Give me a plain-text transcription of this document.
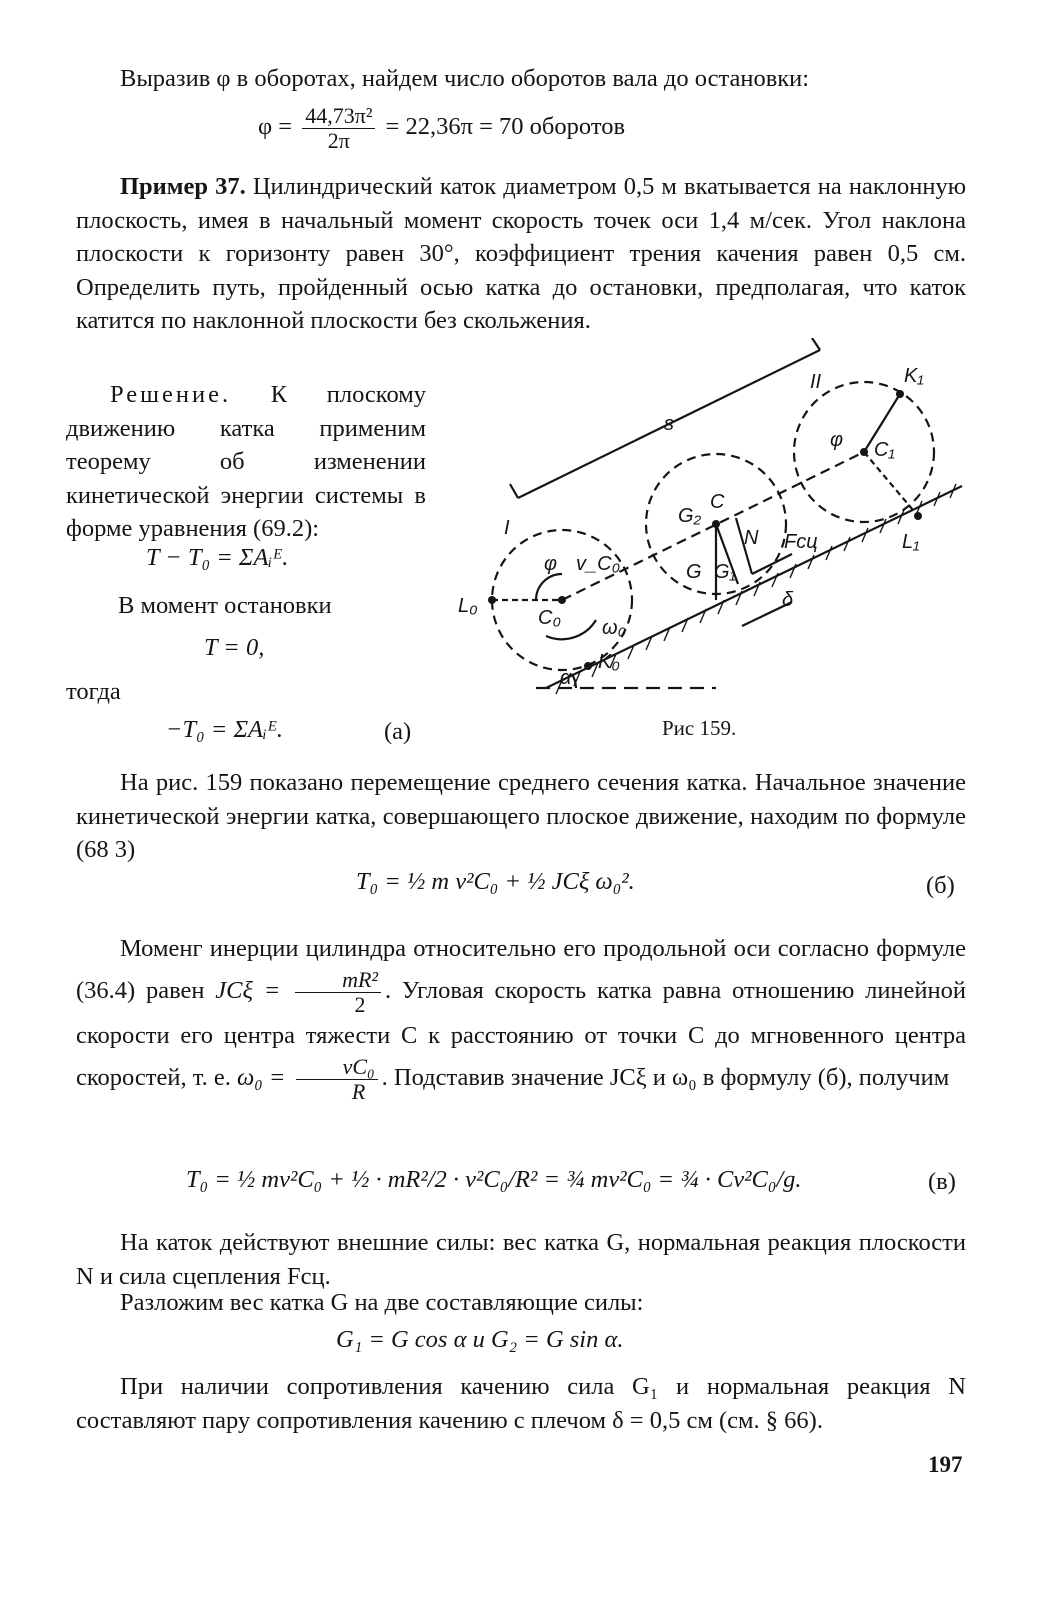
Выразив φ в оборотах, найдем число оборотов вала до остановки:

$\varphi = \frac{\text{44,73π²}}{2\pi} = 22,36\pi = 70$ оборотов

Пример 37. Цилиндрический каток диаметром 0,5 м вкатывается на наклонную плоскость, имея в начальный момент скорость точек оси 1,4 м/сек. Угол наклона плоскости к горизонту равен 30°, коэффициент трения качения равен 0,5 см. Определить путь, пройденный осью катка до остановки, предполагая, что каток катится по наклонной плоскости без скольжения.

Решение. К плоскому движению катка применим теорему об изменении кинетической энергии системы в форме уравнения (69.2):

T − T₀ = ΣAᵢᴱ.

В момент остановки

T = 0,

тогда

−T₀ = ΣAᵢᴱ.	(a)
s
I
II	K₁
C₁
φ
L₁
G₂
C
N Fсц
G G₁
δ
L₀
φ v_C₀
C₀ ω₀
K₀
α
Рис 159.

На рис. 159 показано перемещение среднего сечения катка. Начальное значение кинетической энергии катка, совершающего плоское движение, находим по формуле (68 3)

T₀ = ½ m v²C₀ + ½ JCξ ω₀².	(б)

Моменг инерции цилиндра относительно его продольной оси согласно формуле (36.4) равен $JC\xi = \frac{\text{mR²}}{2}$ . Угловая скорость катка равна отношению линейной скорости его центра тяжести C к расстоянию от точки C до мгновенного центра скоростей, т. е. $\omega_0 = \frac{\text{vC₀}}{R}$ . Подставив значение JCξ и ω₀ в формулу (б), получим

T₀ = ½ mv²C₀ + ½ · mR²/2 · v²C₀/R² = ¾ mv²C₀ = ¾ · Cv²C₀/g.	(в)

На каток действуют внешние силы: вес катка G, нормальная реакция плоскости N и сила сцепления Fсц.

Разложим вес катка G на две составляющие силы:

G₁ = G cos α и G₂ = G sin α.

При наличии сопротивления качению сила G₁ и нормальная реакция N составляют пару сопротивления качению с плечом δ = 0,5 см (см. § 66).

197
